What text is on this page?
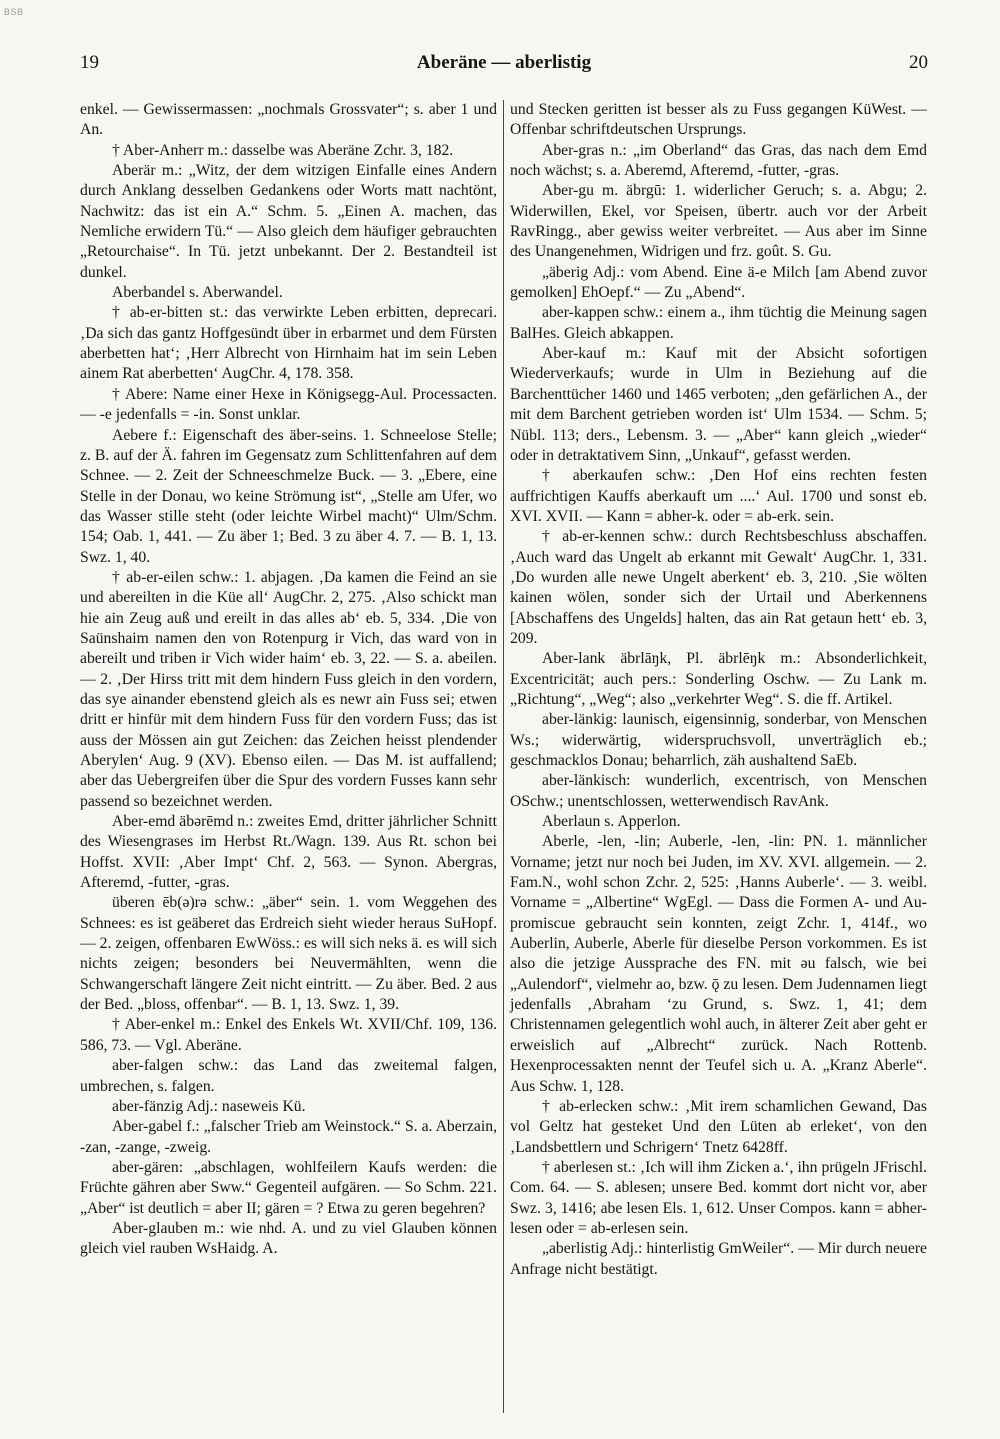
BSB
19	Aberäne — aberlistig	20

enkel. — Gewissermassen: „nochmals Grossvater“; s. aber 1 und An.

† Aber-Anherr m.: dasselbe was Aberäne Zchr. 3, 182.

Aberär m.: „Witz, der dem witzigen Einfalle eines Andern durch Anklang desselben Gedankens oder Worts matt nachtönt, Nachwitz: das ist ein A.“ Schm. 5. „Einen A. machen, das Nemliche erwidern Tü.“ — Also gleich dem häufiger gebrauchten „Retourchaise“. In Tü. jetzt unbekannt. Der 2. Bestandteil ist dunkel.

Aberbandel s. Aberwandel.

† ab-er-bitten st.: das verwirkte Leben erbitten, deprecari. ‚Da sich das gantz Hoffgesündt über in erbarmet und dem Fürsten aberbetten hat‘; ‚Herr Albrecht von Hirnhaim hat im sein Leben ainem Rat aberbetten‘ AugChr. 4, 178. 358.

† Abere: Name einer Hexe in Königsegg-Aul. Processacten. — -e jedenfalls = -in. Sonst unklar.

Aebere f.: Eigenschaft des äber-seins. 1. Schneelose Stelle; z. B. auf der Ä. fahren im Gegensatz zum Schlittenfahren auf dem Schnee. — 2. Zeit der Schneeschmelze Buck. — 3. „Ebere, eine Stelle in der Donau, wo keine Strömung ist“, „Stelle am Ufer, wo das Wasser stille steht (oder leichte Wirbel macht)“ Ulm/Schm. 154; Oab. 1, 441. — Zu äber 1; Bed. 3 zu äber 4. 7. — B. 1, 13. Swz. 1, 40.

† ab-er-eilen schw.: 1. abjagen. ‚Da kamen die Feind an sie und abereilten in die Küe all‘ AugChr. 2, 275. ‚Also schickt man hie ain Zeug auß und ereilt in das alles ab‘ eb. 5, 334. ‚Die von Saünshaim namen den von Rotenpurg ir Vich, das ward von in abereilt und triben ir Vich wider haim‘ eb. 3, 22. — S. a. abeilen. — 2. ‚Der Hirss tritt mit dem hindern Fuss gleich in den vordern, das sye ainander ebenstend gleich als es newr ain Fuss sei; etwen dritt er hinfür mit dem hindern Fuss für den vordern Fuss; das ist auss der Mössen ain gut Zeichen: das Zeichen heisst plendender Aberylen‘ Aug. 9 (XV). Ebenso eilen. — Das M. ist auffallend; aber das Uebergreifen über die Spur des vordern Fusses kann sehr passend so bezeichnet werden.

Aber-emd äbərēmd n.: zweites Emd, dritter jährlicher Schnitt des Wiesengrases im Herbst Rt./Wagn. 139. Aus Rt. schon bei Hoffst. XVII: ‚Aber Impt‘ Chf. 2, 563. — Synon. Abergras, Afteremd, -futter, -gras.

überen ēb(ə)rə schw.: „äber“ sein. 1. vom Weggehen des Schnees: es ist geäberet das Erdreich sieht wieder heraus SuHopf. — 2. zeigen, offenbaren EwWöss.: es will sich neks ä. es will sich nichts zeigen; besonders bei Neuvermählten, wenn die Schwangerschaft längere Zeit nicht eintritt. — Zu äber. Bed. 2 aus der Bed. „bloss, offenbar“. — B. 1, 13. Swz. 1, 39.

† Aber-enkel m.: Enkel des Enkels Wt. XVII/Chf. 109, 136. 586, 73. — Vgl. Aberäne.

aber-falgen schw.: das Land das zweitemal falgen, umbrechen, s. falgen.

aber-fänzig Adj.: naseweis Kü.

Aber-gabel f.: „falscher Trieb am Weinstock.“ S. a. Aberzain, -zan, -zange, -zweig.

aber-gären: „abschlagen, wohlfeilern Kaufs werden: die Früchte gähren aber Sww.“ Gegenteil aufgären. — So Schm. 221. „Aber“ ist deutlich = aber II; gären = ? Etwa zu geren begehren?

Aber-glauben m.: wie nhd. A. und zu viel Glauben können gleich viel rauben WsHaidg. A.

und Stecken geritten ist besser als zu Fuss gegangen KüWest. — Offenbar schriftdeutschen Ursprungs.

Aber-gras n.: „im Oberland“ das Gras, das nach dem Emd noch wächst; s. a. Aberemd, Afteremd, -futter, -gras.

Aber-gu m. äbrgū: 1. widerlicher Geruch; s. a. Abgu; 2. Widerwillen, Ekel, vor Speisen, übertr. auch vor der Arbeit RavRingg., aber gewiss weiter verbreitet. — Aus aber im Sinne des Unangenehmen, Widrigen und frz. goût. S. Gu.

„äberig Adj.: vom Abend. Eine ä-e Milch [am Abend zuvor gemolken] EhOepf.“ — Zu „Abend“.

aber-kappen schw.: einem a., ihm tüchtig die Meinung sagen BalHes. Gleich abkappen.

Aber-kauf m.: Kauf mit der Absicht sofortigen Wiederverkaufs; wurde in Ulm in Beziehung auf die Barchenttücher 1460 und 1465 verboten; „den gefärlichen A., der mit dem Barchent getrieben worden ist‘ Ulm 1534. — Schm. 5; Nübl. 113; ders., Lebensm. 3. — „Aber“ kann gleich „wieder“ oder in detraktativem Sinn, „Unkauf“, gefasst werden.

† aberkaufen schw.: ‚Den Hof eins rechten festen auffrichtigen Kauffs aberkauft um ....‘ Aul. 1700 und sonst eb. XVI. XVII. — Kann = abher-k. oder = ab-erk. sein.

† ab-er-kennen schw.: durch Rechtsbeschluss abschaffen. ‚Auch ward das Ungelt ab erkannt mit Gewalt‘ AugChr. 1, 331. ‚Do wurden alle newe Ungelt aberkent‘ eb. 3, 210. ‚Sie wölten kainen wölen, sonder sich der Urtail und Aberkennens [Abschaffens des Ungelds] halten, das ain Rat getaun hett‘ eb. 3, 209.

Aber-lank äbrlāŋk, Pl. äbrlēŋk m.: Absonderlichkeit, Excentricität; auch pers.: Sonderling Oschw. — Zu Lank m. „Richtung“, „Weg“; also „verkehrter Weg“. S. die ff. Artikel.

aber-länkig: launisch, eigensinnig, sonderbar, von Menschen Ws.; widerwärtig, widerspruchsvoll, unverträglich eb.; geschmacklos Donau; beharrlich, zäh aushaltend SaEb.

aber-länkisch: wunderlich, excentrisch, von Menschen OSchw.; unentschlossen, wetterwendisch RavAnk.

Aberlaun s. Apperlon.

Aberle, -len, -lin; Auberle, -len, -lin: PN. 1. männlicher Vorname; jetzt nur noch bei Juden, im XV. XVI. allgemein. — 2. Fam.N., wohl schon Zchr. 2, 525: ‚Hanns Auberle‘. — 3. weibl. Vorname = „Albertine“ WgEgl. — Dass die Formen A- und Au- promiscue gebraucht sein konnten, zeigt Zchr. 1, 414f., wo Auberlin, Auberle, Aberle für dieselbe Person vorkommen. Es ist also die jetzige Aussprache des FN. mit əu falsch, wie bei „Aulendorf“, vielmehr ao, bzw. ǭ zu lesen. Dem Judennamen liegt jedenfalls ‚Abraham ‘zu Grund, s. Swz. 1, 41; dem Christennamen gelegentlich wohl auch, in älterer Zeit aber geht er erweislich auf „Albrecht“ zurück. Nach Rottenb. Hexenprocessakten nennt der Teufel sich u. A. „Kranz Aberle“. Aus Schw. 1, 128.

† ab-erlecken schw.: ‚Mit irem schamlichen Gewand, Das vol Geltz hat gesteket Und den Lüten ab erleket‘, von den ‚Landsbettlern und Schrigern‘ Tnetz 6428ff.

† aberlesen st.: ‚Ich will ihm Zicken a.‘, ihn prügeln JFrischl. Com. 64. — S. ablesen; unsere Bed. kommt dort nicht vor, aber Swz. 3, 1416; abe lesen Els. 1, 612. Unser Compos. kann = abher-lesen oder = ab-erlesen sein.

„aberlistig Adj.: hinterlistig GmWeiler“. — Mir durch neuere Anfrage nicht bestätigt.
